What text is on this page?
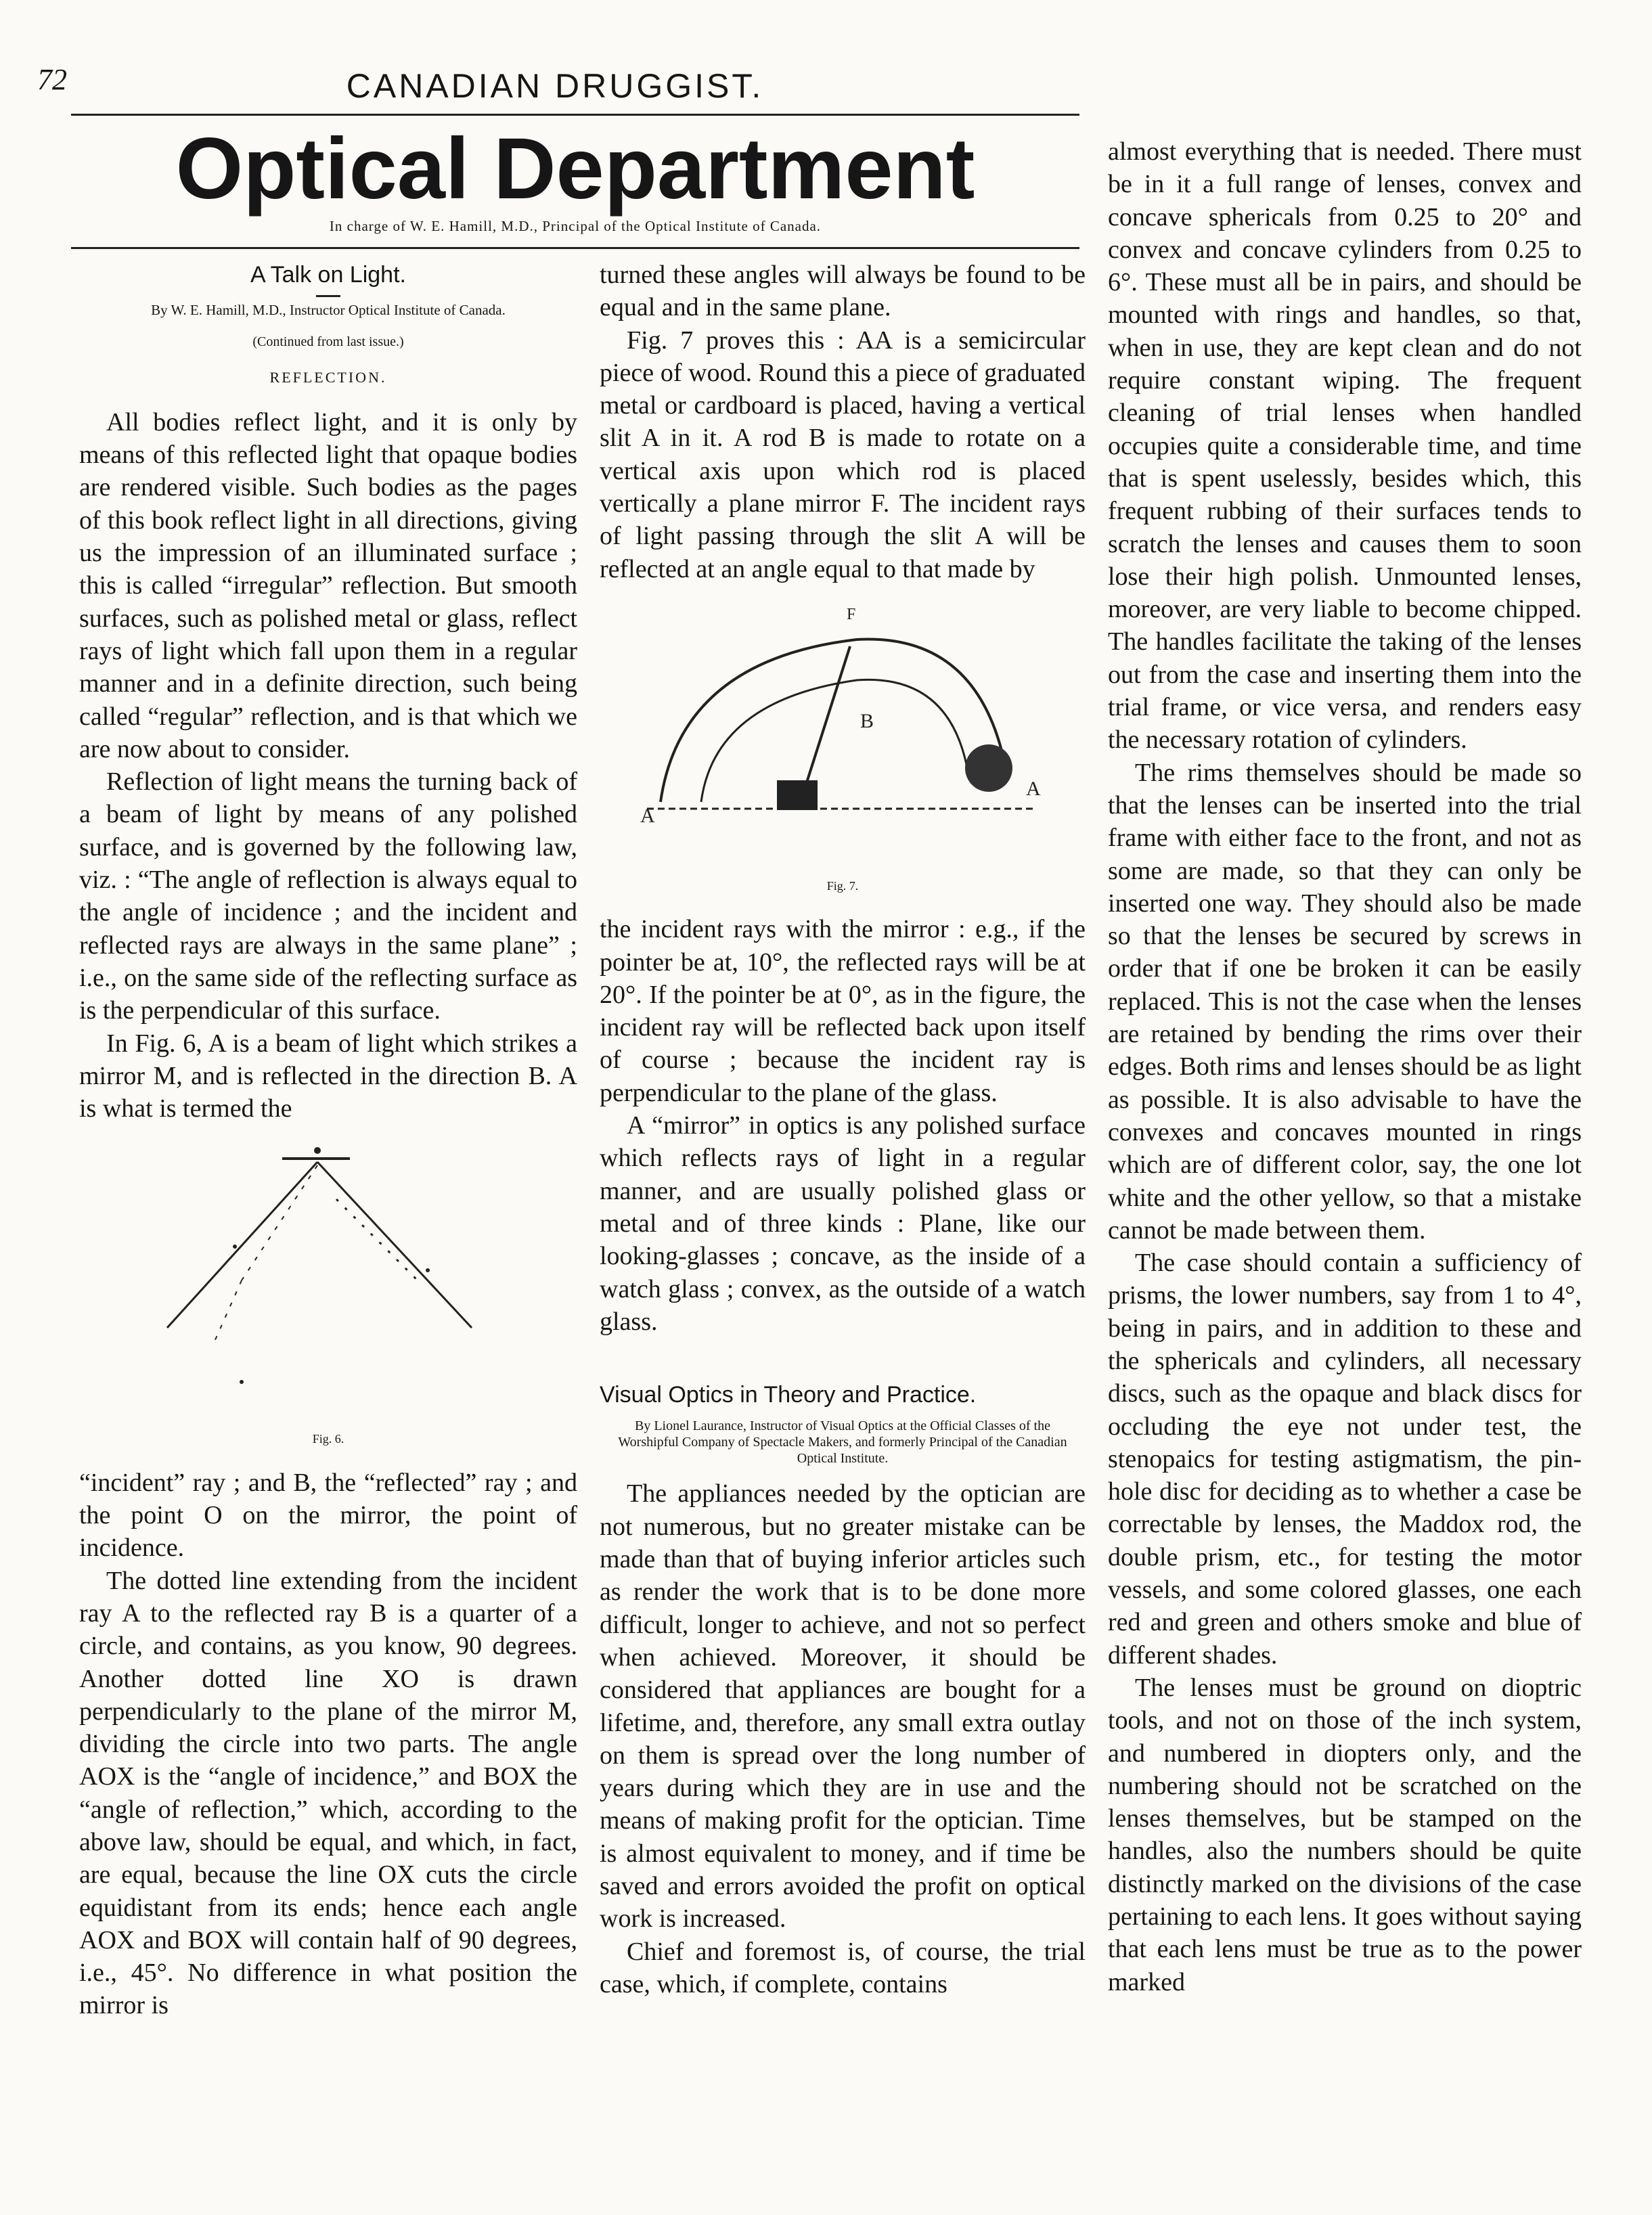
72	CANADIAN DRUGGIST.
Optical Department
In charge of W. E. Hamill, M.D., Principal of the Optical Institute of Canada.
A Talk on Light.
By W. E. Hamill, M.D., Instructor Optical Institute of Canada.
(Continued from last issue.)
REFLECTION.

All bodies reflect light, and it is only by means of this reflected light that opaque bodies are rendered visible. Such bodies as the pages of this book reflect light in all directions, giving us the impression of an illuminated surface ; this is called “irregular” reflection. But smooth surfaces, such as polished metal or glass, reflect rays of light which fall upon them in a regular manner and in a definite direction, such being called “regular” reflection, and is that which we are now about to consider.

Reflection of light means the turning back of a beam of light by means of any polished surface, and is governed by the following law, viz. : “The angle of reflection is always equal to the angle of incidence ; and the incident and reflected rays are always in the same plane” ; i.e., on the same side of the reflecting surface as is the perpendicular of this surface.

In Fig. 6, A is a beam of light which strikes a mirror M, and is reflected in the direction B. A is what is termed the

Fig. 6.

“incident” ray ; and B, the “reflected” ray ; and the point O on the mirror, the point of incidence.

The dotted line extending from the incident ray A to the reflected ray B is a quarter of a circle, and contains, as you know, 90 degrees. Another dotted line XO is drawn perpendicularly to the plane of the mirror M, dividing the circle into two parts. The angle AOX is the “angle of incidence,” and BOX the “angle of reflection,” which, according to the above law, should be equal, and which, in fact, are equal, because the line OX cuts the circle equidistant from its ends; hence each angle AOX and BOX will contain half of 90 degrees, i.e., 45°. No difference in what position the mirror is

turned these angles will always be found to be equal and in the same plane.

Fig. 7 proves this : AA is a semicircular piece of wood. Round this a piece of graduated metal or cardboard is placed, having a vertical slit A in it. A rod B is made to rotate on a vertical axis upon which rod is placed vertically a plane mirror F. The incident rays of light passing through the slit A will be reflected at an angle equal to that made by

A
B
A
F
Fig. 7.

the incident rays with the mirror : e.g., if the pointer be at, 10°, the reflected rays will be at 20°. If the pointer be at 0°, as in the figure, the incident ray will be reflected back upon itself of course ; because the incident ray is perpendicular to the plane of the glass.

A “mirror” in optics is any polished surface which reflects rays of light in a regular manner, and are usually polished glass or metal and of three kinds : Plane, like our looking-glasses ; concave, as the inside of a watch glass ; convex, as the outside of a watch glass.

Visual Optics in Theory and Practice.
By Lionel Laurance, Instructor of Visual Optics at the Official Classes of the Worshipful Company of Spectacle Makers, and formerly Principal of the Canadian Optical Institute.

The appliances needed by the optician are not numerous, but no greater mistake can be made than that of buying inferior articles such as render the work that is to be done more difficult, longer to achieve, and not so perfect when achieved. Moreover, it should be considered that appliances are bought for a lifetime, and, therefore, any small extra outlay on them is spread over the long number of years during which they are in use and the means of making profit for the optician. Time is almost equivalent to money, and if time be saved and errors avoided the profit on optical work is increased.

Chief and foremost is, of course, the trial case, which, if complete, contains

almost everything that is needed. There must be in it a full range of lenses, convex and concave sphericals from 0.25 to 20° and convex and concave cylinders from 0.25 to 6°. These must all be in pairs, and should be mounted with rings and handles, so that, when in use, they are kept clean and do not require constant wiping. The frequent cleaning of trial lenses when handled occupies quite a considerable time, and time that is spent uselessly, besides which, this frequent rubbing of their surfaces tends to scratch the lenses and causes them to soon lose their high polish. Unmounted lenses, moreover, are very liable to become chipped. The handles facilitate the taking of the lenses out from the case and inserting them into the trial frame, or vice versa, and renders easy the necessary rotation of cylinders.

The rims themselves should be made so that the lenses can be inserted into the trial frame with either face to the front, and not as some are made, so that they can only be inserted one way. They should also be made so that the lenses be secured by screws in order that if one be broken it can be easily replaced. This is not the case when the lenses are retained by bending the rims over their edges. Both rims and lenses should be as light as possible. It is also advisable to have the convexes and concaves mounted in rings which are of different color, say, the one lot white and the other yellow, so that a mistake cannot be made between them.

The case should contain a sufficiency of prisms, the lower numbers, say from 1 to 4°, being in pairs, and in addition to these and the sphericals and cylinders, all necessary discs, such as the opaque and black discs for occluding the eye not under test, the stenopaics for testing astigmatism, the pin-hole disc for deciding as to whether a case be correctable by lenses, the Maddox rod, the double prism, etc., for testing the motor vessels, and some colored glasses, one each red and green and others smoke and blue of different shades.

The lenses must be ground on dioptric tools, and not on those of the inch system, and numbered in diopters only, and the numbering should not be scratched on the lenses themselves, but be stamped on the handles, also the numbers should be quite distinctly marked on the divisions of the case pertaining to each lens. It goes without saying that each lens must be true as to the power marked
